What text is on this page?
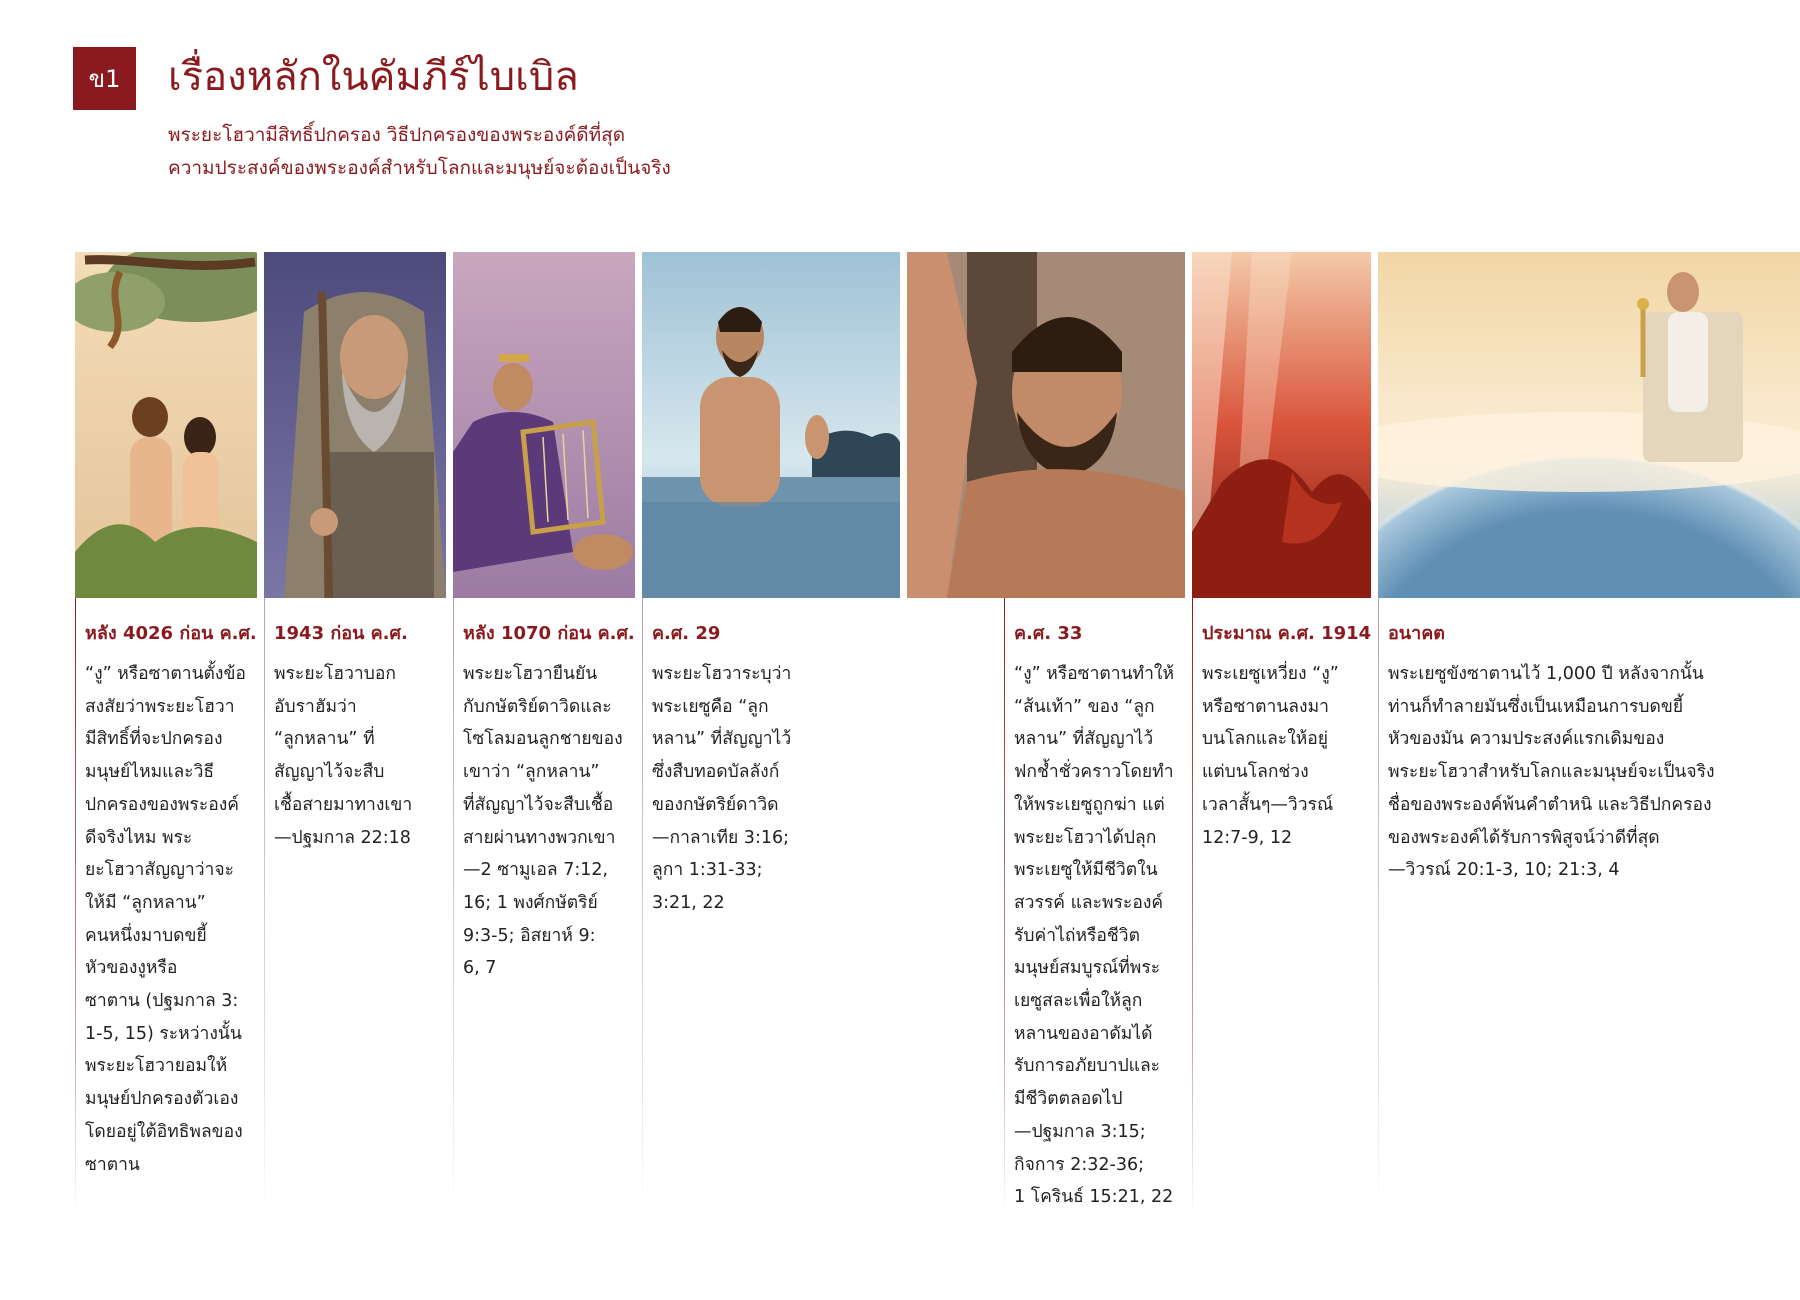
ข1	เรื่องหลักในคัมภีร์ไบเบิล
พระยะโฮวามีสิทธิ์ปกครอง วิธีปกครองของพระองค์ดีที่สุด
ความประสงค์ของพระองค์สำหรับโลกและมนุษย์จะต้องเป็นจริง
หลัง 4026 ก่อน ค.ศ.
“งู” หรือซาตานตั้งข้อ
สงสัยว่าพระยะโฮวา
มีสิทธิ์ที่จะปกครอง
มนุษย์ไหมและวิธี
ปกครองของพระองค์
ดีจริงไหม พระ
ยะโฮวาสัญญาว่าจะ
ให้มี “ลูกหลาน”
คนหนึ่งมาบดขยี้
หัวของงูหรือ
ซาตาน (ปฐมกาล 3:
1-5, 15) ระหว่างนั้น
พระยะโฮวายอมให้
มนุษย์ปกครองตัวเอง
โดยอยู่ใต้อิทธิพลของ
ซาตาน
1943 ก่อน ค.ศ.
พระยะโฮวาบอก
อับราฮัมว่า
“ลูกหลาน” ที่
สัญญาไว้จะสืบ
เชื้อสายมาทางเขา
—ปฐมกาล 22:18
หลัง 1070 ก่อน ค.ศ.
พระยะโฮวายืนยัน
กับกษัตริย์ดาวิดและ
โซโลมอนลูกชายของ
เขาว่า “ลูกหลาน”
ที่สัญญาไว้จะสืบเชื้อ
สายผ่านทางพวกเขา
—2 ซามูเอล 7:12,
16; 1 พงศ์กษัตริย์
9:3-5; อิสยาห์ 9:
6, 7
ค.ศ. 29
พระยะโฮวาระบุว่า
พระเยซูคือ “ลูก
หลาน” ที่สัญญาไว้
ซึ่งสืบทอดบัลลังก์
ของกษัตริย์ดาวิด
—กาลาเทีย 3:16;
ลูกา 1:31-33;
3:21, 22
ค.ศ. 33
“งู” หรือซาตานทำให้
“ส้นเท้า” ของ “ลูก
หลาน” ที่สัญญาไว้
ฟกช้ำชั่วคราวโดยทำ
ให้พระเยซูถูกฆ่า แต่
พระยะโฮวาได้ปลุก
พระเยซูให้มีชีวิตใน
สวรรค์ และพระองค์
รับค่าไถ่หรือชีวิต
มนุษย์สมบูรณ์ที่พระ
เยซูสละเพื่อให้ลูก
หลานของอาดัมได้
รับการอภัยบาปและ
มีชีวิตตลอดไป
—ปฐมกาล 3:15;
กิจการ 2:32-36;
1 โครินธ์ 15:21, 22
ประมาณ ค.ศ. 1914
พระเยซูเหวี่ยง “งู”
หรือซาตานลงมา
บนโลกและให้อยู่
แต่บนโลกช่วง
เวลาสั้นๆ—วิวรณ์
12:7-9, 12
อนาคต
พระเยซูขังซาตานไว้ 1,000 ปี หลังจากนั้น
ท่านก็ทำลายมันซึ่งเป็นเหมือนการบดขยี้
หัวของมัน ความประสงค์แรกเดิมของ
พระยะโฮวาสำหรับโลกและมนุษย์จะเป็นจริง
ชื่อของพระองค์พ้นคำตำหนิ และวิธีปกครอง
ของพระองค์ได้รับการพิสูจน์ว่าดีที่สุด
—วิวรณ์ 20:1-3, 10; 21:3, 4
